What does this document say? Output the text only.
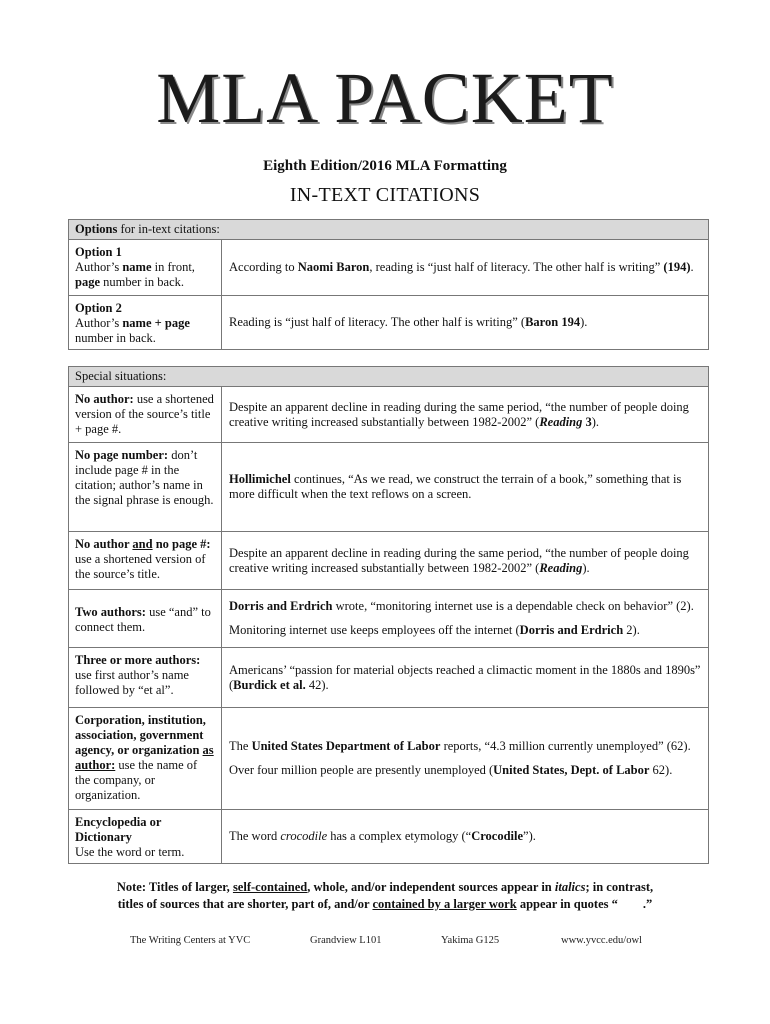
MLA PACKET
Eighth Edition/2016 MLA Formatting
IN-TEXT CITATIONS
Options for in-text citations:	
Option 1
Author’s name in front, page number in back.	According to Naomi Baron, reading is “just half of literacy. The other half is writing” (194).
Option 2
Author’s name + page number in back.	Reading is “just half of literacy. The other half is writing” (Baron 194).
Special situations:	
No author: use a shortened version of the source’s title + page #.	Despite an apparent decline in reading during the same period, “the number of people doing creative writing increased substantially between 1982-2002” (Reading 3).
No page number: don’t include page # in the citation; author’s name in the signal phrase is enough.	Hollimichel continues, “As we read, we construct the terrain of a book,” something that is more difficult when the text reflows on a screen.
No author and no page #: use a shortened version of the source’s title.	Despite an apparent decline in reading during the same period, “the number of people doing creative writing increased substantially between 1982-2002” (Reading).
Two authors: use “and” to connect them.	Dorris and Erdrich wrote, “monitoring internet use is a dependable check on behavior” (2).
Monitoring internet use keeps employees off the internet (Dorris and Erdrich 2).
Three or more authors: use first author’s name followed by “et al”.	Americans’ “passion for material objects reached a climactic moment in the 1880s and 1890s” (Burdick et al. 42).
Corporation, institution, association, government agency, or organization as author: use the name of the company, or organization.	The United States Department of Labor reports, “4.3 million currently unemployed” (62).
Over four million people are presently unemployed (United States, Dept. of Labor 62).
Encyclopedia or Dictionary
Use the word or term.	The word crocodile has a complex etymology (“Crocodile”).
Note: Titles of larger, self-contained, whole, and/or independent sources appear in italics; in contrast,
titles of sources that are shorter, part of, and/or contained by a larger work appear in quotes “        .”
The Writing Centers at YVC	Grandview L101	Yakima G125	www.yvcc.edu/owl
